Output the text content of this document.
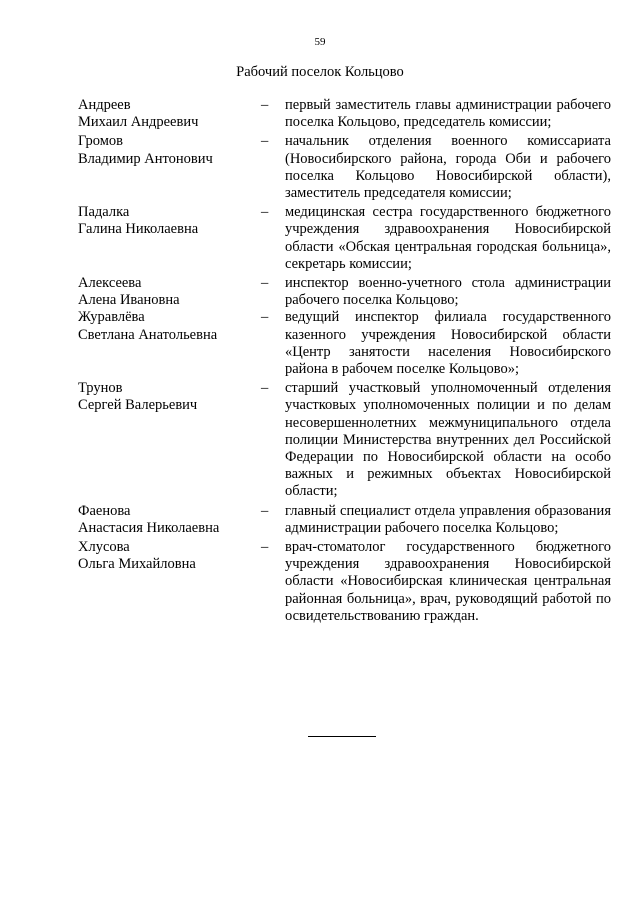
59
Рабочий поселок Кольцово
Андреев
Михаил Андреевич
–	первый заместитель главы администрации рабочего поселка Кольцово, председатель комиссии;
Громов
Владимир Антонович
–	начальник отделения военного комиссариата (Новосибирского района, города Оби и рабочего поселка Кольцово Новосибирской области), заместитель председателя комиссии;
Падалка
Галина Николаевна
–	медицинская сестра государственного бюджетного учреждения здравоохранения Новосибирской области «Обская центральная городская больница», секретарь комиссии;
Алексеева
Алена Ивановна
–	инспектор военно-учетного стола администрации рабочего поселка Кольцово;
Журавлёва
Светлана Анатольевна
–	ведущий инспектор филиала государственного казенного учреждения Новосибирской области «Центр занятости населения Новосибирского района в рабочем поселке Кольцово»;
Трунов
Сергей Валерьевич
–	старший участковый уполномоченный отделения участковых уполномоченных полиции и по делам несовершеннолетних межмуниципального отдела полиции Министерства внутренних дел Российской Федерации по Новосибирской области на особо важных и режимных объектах Новосибирской области;
Фаенова
Анастасия Николаевна
–	главный специалист отдела управления образования администрации рабочего поселка Кольцово;
Хлусова
Ольга Михайловна
–	врач-стоматолог государственного бюджетного учреждения здравоохранения Новосибирской области «Новосибирская клиническая центральная районная больница», врач, руководящий работой по освидетельствованию граждан.
